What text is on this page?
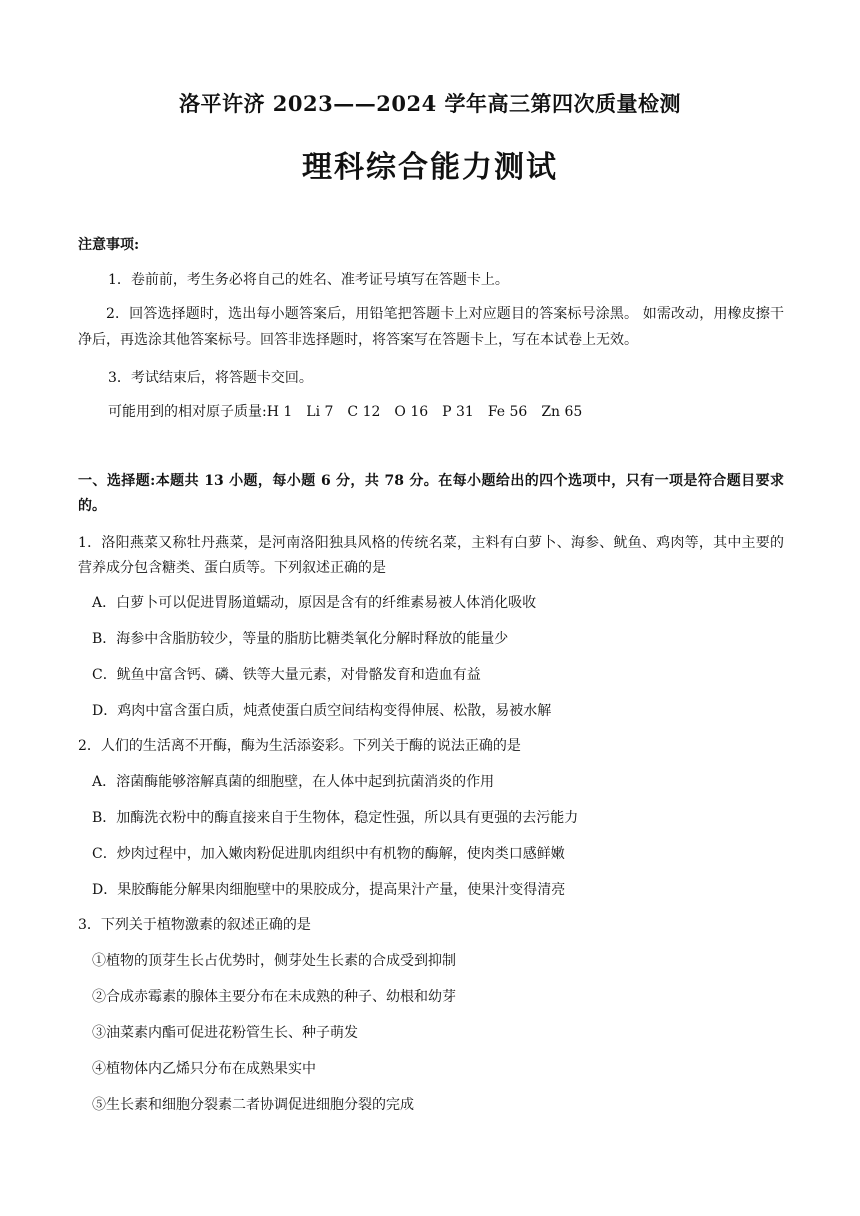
洛平许济 2023——2024 学年高三第四次质量检测
理科综合能力测试
注意事项:
1．卷前前，考生务必将自己的姓名、准考证号填写在答题卡上。
2．回答选择题时，选出每小题答案后，用铅笔把答题卡上对应题目的答案标号涂黑。 如需改动，用橡皮擦干净后，再选涂其他答案标号。回答非选择题时，将答案写在答题卡上，写在本试卷上无效。
3．考试结束后，将答题卡交回。
可能用到的相对原子质量:H 1　Li 7　C 12　O 16　P 31　Fe 56　Zn 65
一、选择题:本题共 13 小题，每小题 6 分，共 78 分。在每小题给出的四个选项中，只有一项是符合题目要求的。
1．洛阳燕菜又称牡丹燕菜，是河南洛阳独具风格的传统名菜，主料有白萝卜、海参、鱿鱼、鸡肉等，其中主要的营养成分包含糖类、蛋白质等。下列叙述正确的是
A．白萝卜可以促进胃肠道蠕动，原因是含有的纤维素易被人体消化吸收
B．海参中含脂肪较少，等量的脂肪比糖类氧化分解时释放的能量少
C．鱿鱼中富含钙、磷、铁等大量元素，对骨骼发育和造血有益
D．鸡肉中富含蛋白质，炖煮使蛋白质空间结构变得伸展、松散，易被水解
2．人们的生活离不开酶，酶为生活添姿彩。下列关于酶的说法正确的是
A．溶菌酶能够溶解真菌的细胞壁，在人体中起到抗菌消炎的作用
B．加酶洗衣粉中的酶直接来自于生物体，稳定性强，所以具有更强的去污能力
C．炒肉过程中，加入嫩肉粉促进肌肉组织中有机物的酶解，使肉类口感鲜嫩
D．果胶酶能分解果肉细胞壁中的果胶成分，提高果汁产量，使果汁变得清亮
3．下列关于植物激素的叙述正确的是
①植物的顶芽生长占优势时，侧芽处生长素的合成受到抑制
②合成赤霉素的腺体主要分布在未成熟的种子、幼根和幼芽
③油菜素内酯可促进花粉管生长、种子萌发
④植物体内乙烯只分布在成熟果实中
⑤生长素和细胞分裂素二者协调促进细胞分裂的完成
